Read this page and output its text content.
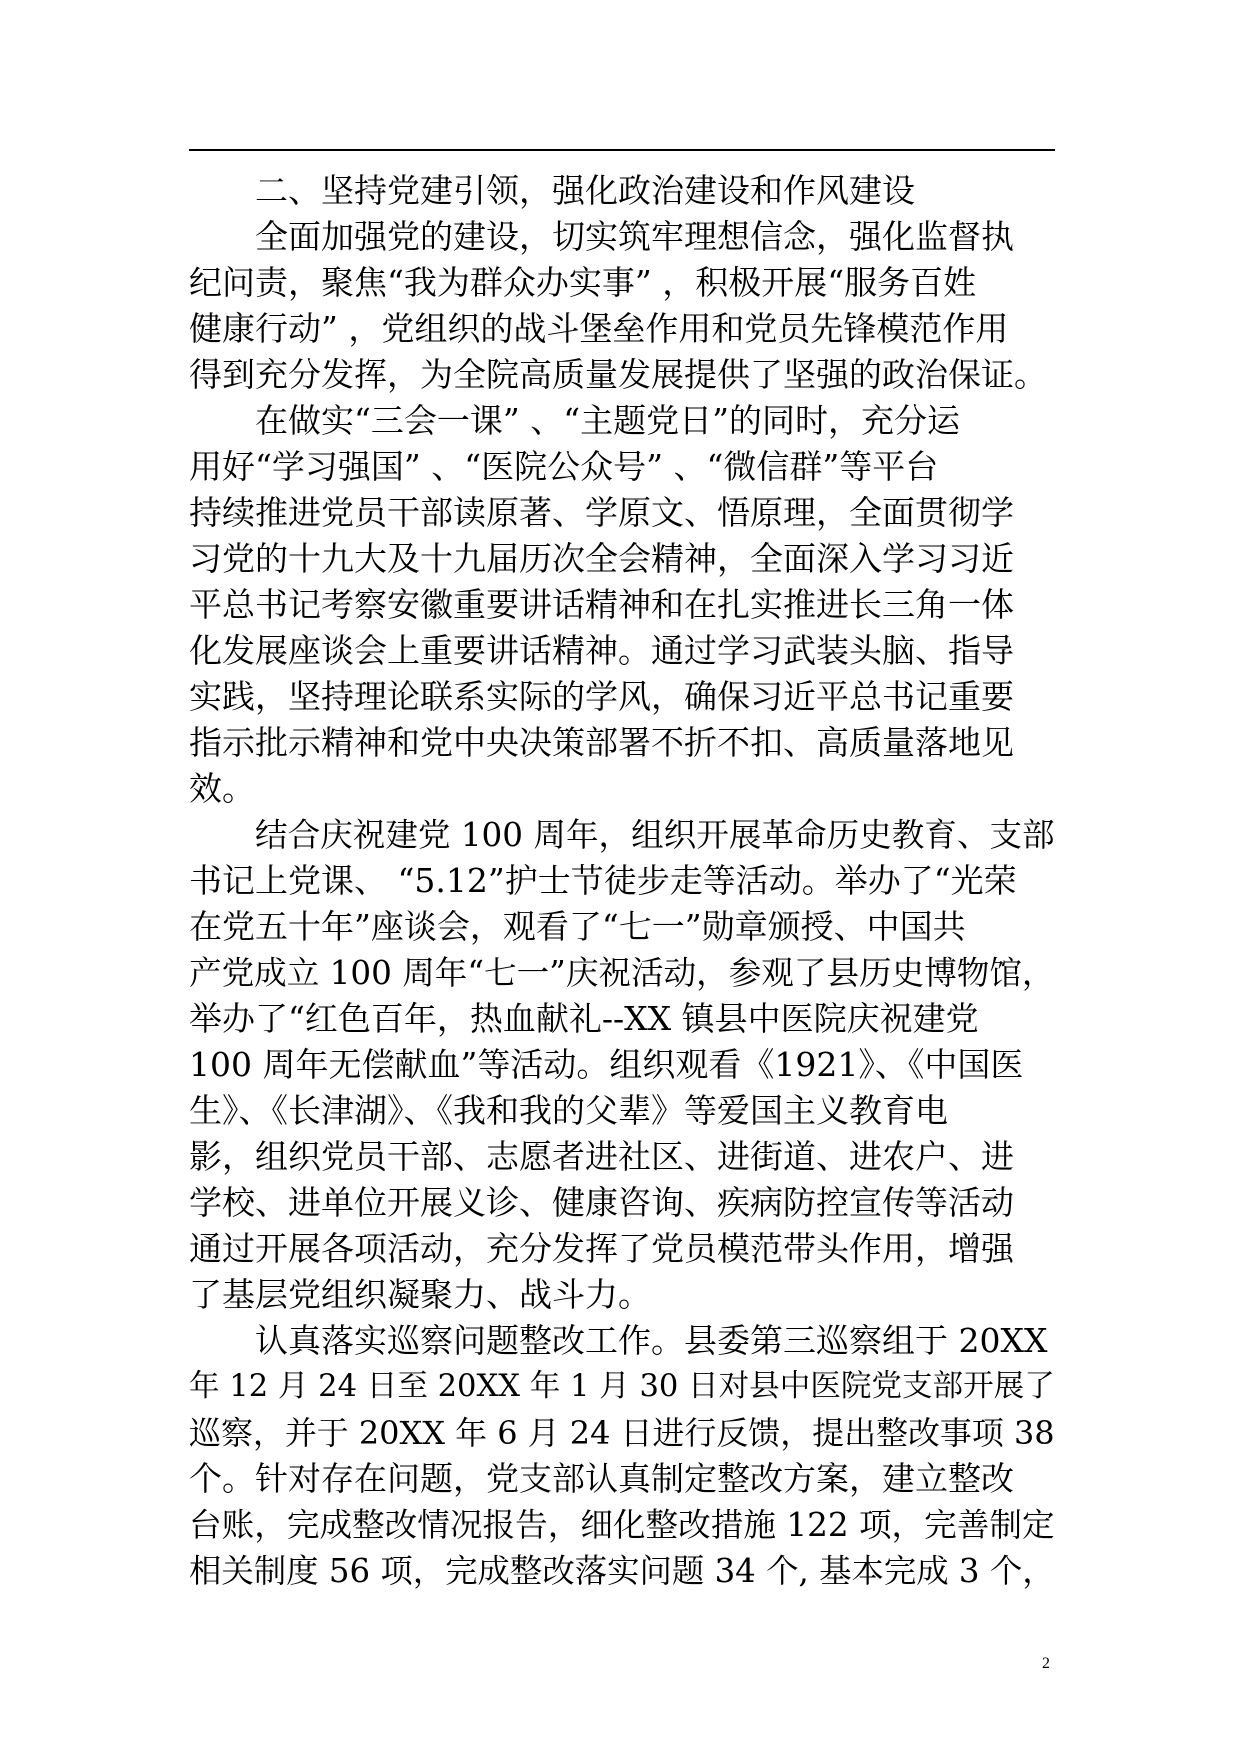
二、坚持党建引领，强化政治建设和作风建设
全面加强党的建设，切实筑牢理想信念，强化监督执
纪问责，聚焦“我为群众办实事” ，积极开展“服务百姓
健康行动” ，党组织的战斗堡垒作用和党员先锋模范作用
得到充分发挥，为全院高质量发展提供了坚强的政治保证。
在做实“三会一课” 、“主题党日”的同时，充分运
用好“学习强国” 、“医院公众号” 、“微信群”等平台
持续推进党员干部读原著、学原文、悟原理，全面贯彻学
习党的十九大及十九届历次全会精神，全面深入学习习近
平总书记考察安徽重要讲话精神和在扎实推进长三角一体
化发展座谈会上重要讲话精神。通过学习武装头脑、指导
实践，坚持理论联系实际的学风，确保习近平总书记重要
指示批示精神和党中央决策部署不折不扣、高质量落地见
效。
结合庆祝建党 100 周年，组织开展革命历史教育、支部
书记上党课、 “5.12”护士节徒步走等活动。举办了“光荣
在党五十年”座谈会，观看了“七一”勋章颁授、中国共
产党成立 100 周年“七一”庆祝活动，参观了县历史博物馆，
举办了“红色百年，热血献礼--XX 镇县中医院庆祝建党
100 周年无偿献血”等活动。组织观看《1921》、《中国医
生》、《长津湖》、《我和我的父辈》等爱国主义教育电
影，组织党员干部、志愿者进社区、进街道、进农户、进
学校、进单位开展义诊、健康咨询、疾病防控宣传等活动
通过开展各项活动，充分发挥了党员模范带头作用，增强
了基层党组织凝聚力、战斗力。
认真落实巡察问题整改工作。县委第三巡察组于 20XX
年 12 月 24 日至 20XX 年 1 月 30 日对县中医院党支部开展了
巡察，并于 20XX 年 6 月 24 日进行反馈，提出整改事项 38
个。针对存在问题，党支部认真制定整改方案，建立整改
台账，完成整改情况报告，细化整改措施 122 项，完善制定
相关制度 56 项，完成整改落实问题 34 个, 基本完成 3 个，
2
